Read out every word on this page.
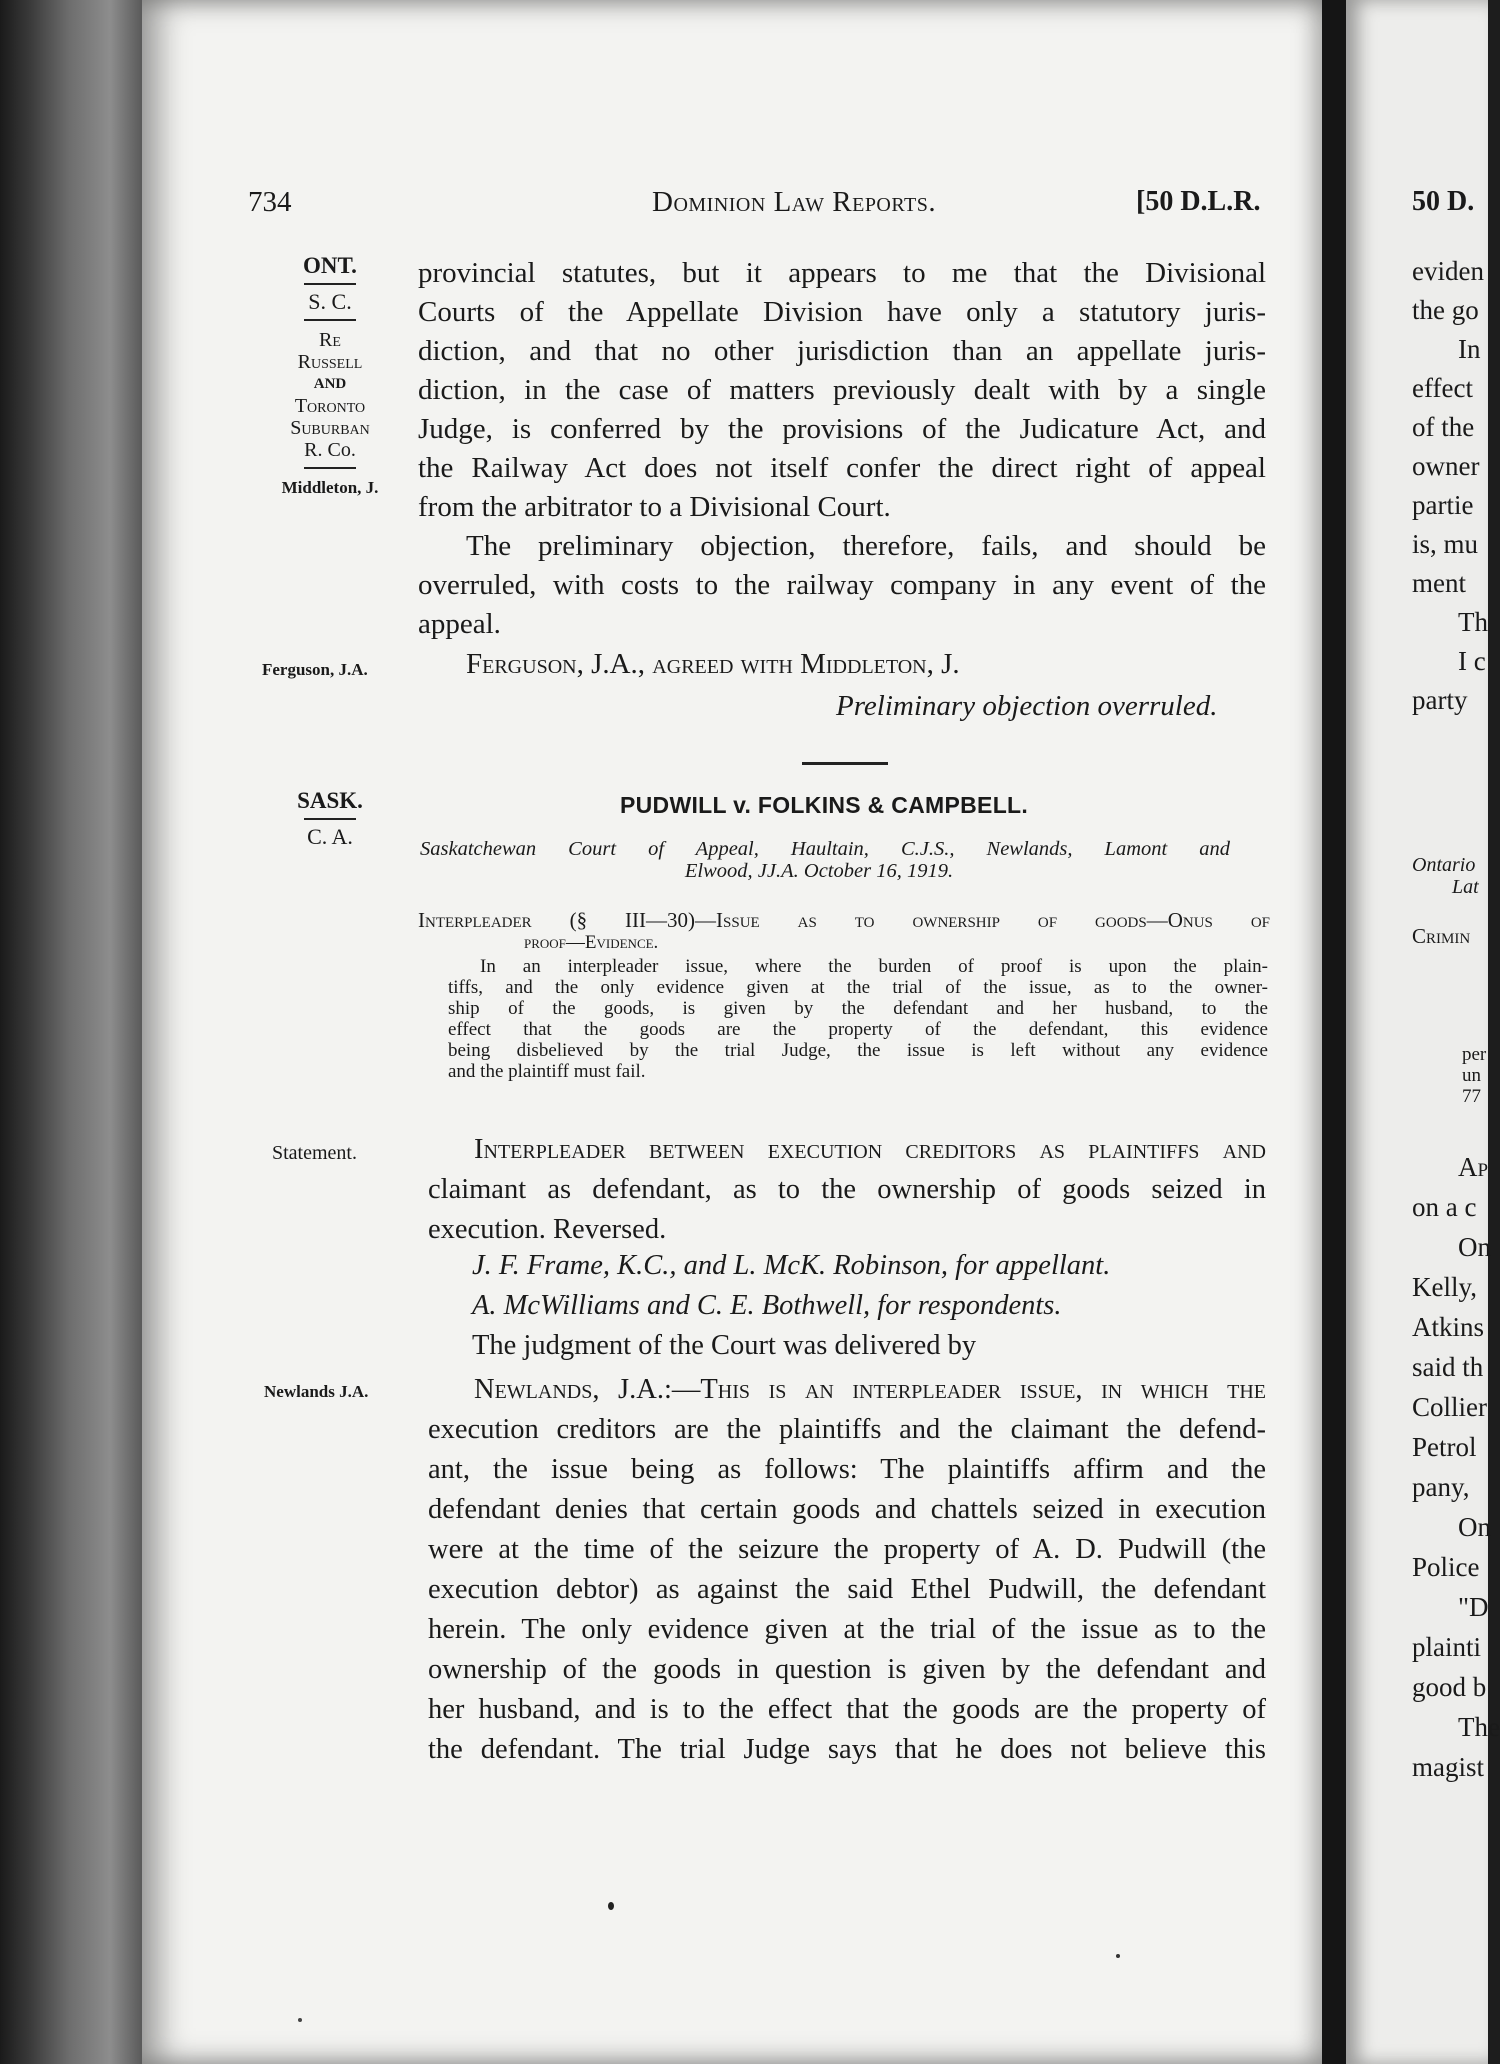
734	Dominion Law Reports.	[50 D.L.R.
ONT.
S. C.
Re
Russell
AND
Toronto
Suburban
R. Co.
Middleton, J.
provincial statutes, but it appears to me that the Divisional
Courts of the Appellate Division have only a statutory juris-
diction, and that no other jurisdiction than an appellate juris-
diction, in the case of matters previously dealt with by a single
Judge, is conferred by the provisions of the Judicature Act, and
the Railway Act does not itself confer the direct right of appeal
from the arbitrator to a Divisional Court.
The preliminary objection, therefore, fails, and should be
overruled, with costs to the railway company in any event of the
appeal.
Ferguson, J.A.	Ferguson, J.A., agreed with Middleton, J.
Preliminary objection overruled.
SASK.
C. A.
PUDWILL v. FOLKINS & CAMPBELL.
Saskatchewan Court of Appeal, Haultain, C.J.S., Newlands, Lamont and
Elwood, JJ.A. October 16, 1919.
Interpleader (§ III—30)—Issue as to ownership of goods—Onus of
proof—Evidence.
In an interpleader issue, where the burden of proof is upon the plain-
tiffs, and the only evidence given at the trial of the issue, as to the owner-
ship of the goods, is given by the defendant and her husband, to the
effect that the goods are the property of the defendant, this evidence
being disbelieved by the trial Judge, the issue is left without any evidence
and the plaintiff must fail.
Statement.	Interpleader between execution creditors as plaintiffs and
claimant as defendant, as to the ownership of goods seized in
execution. Reversed.
J. F. Frame, K.C., and L. McK. Robinson, for appellant.
A. McWilliams and C. E. Bothwell, for respondents.
The judgment of the Court was delivered by
Newlands J.A.	Newlands, J.A.:—This is an interpleader issue, in which the
execution creditors are the plaintiffs and the claimant the defend-
ant, the issue being as follows: The plaintiffs affirm and the
defendant denies that certain goods and chattels seized in execution
were at the time of the seizure the property of A. D. Pudwill (the
execution debtor) as against the said Ethel Pudwill, the defendant
herein. The only evidence given at the trial of the issue as to the
ownership of the goods in question is given by the defendant and
her husband, and is to the effect that the goods are the property of
the defendant. The trial Judge says that he does not believe this
50 D.
eviden
the go
In
effect
of the
owner
partie
is, mu
ment
Th
I c
party
Ontario
Lat
Crimin
per
un
77
Ap
on a c
On
Kelly,
Atkins
said th
Collier
Petrol
pany,
On
Police
"D
plainti
good b
The
magist
